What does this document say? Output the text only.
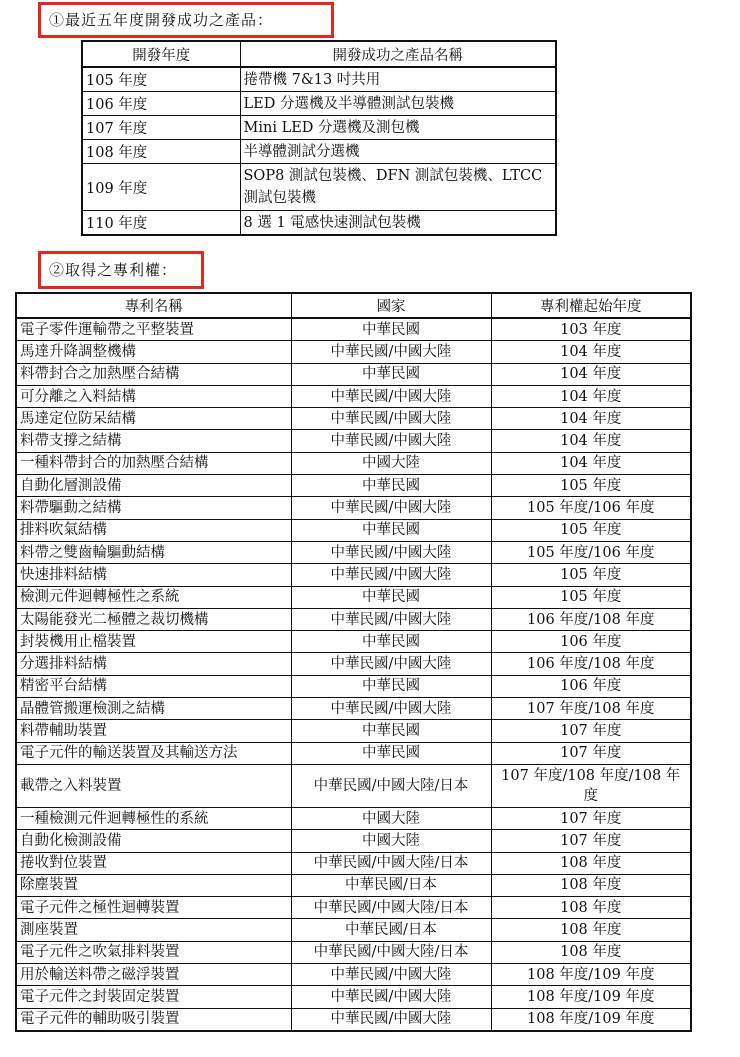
①最近五年度開發成功之產品：
開發年度	開發成功之產品名稱
105 年度	捲帶機 7&13 吋共用
106 年度	LED 分選機及半導體測試包裝機
107 年度	Mini LED 分選機及測包機
108 年度	半導體測試分選機
109 年度	SOP8 測試包裝機、DFN 測試包裝機、LTCC 測試包裝機
110 年度	8 選 1 電感快速測試包裝機
②取得之專利權：
專利名稱	國家	專利權起始年度
電子零件運輸帶之平整裝置	中華民國	103 年度
馬達升降調整機構	中華民國/中國大陸	104 年度
料帶封合之加熱壓合結構	中華民國	104 年度
可分離之入料結構	中華民國/中國大陸	104 年度
馬達定位防呆結構	中華民國/中國大陸	104 年度
料帶支撐之結構	中華民國/中國大陸	104 年度
一種料帶封合的加熱壓合結構	中國大陸	104 年度
自動化層測設備	中華民國	105 年度
料帶驅動之結構	中華民國/中國大陸	105 年度/106 年度
排料吹氣結構	中華民國	105 年度
料帶之雙齒輪驅動結構	中華民國/中國大陸	105 年度/106 年度
快速排料結構	中華民國/中國大陸	105 年度
檢測元件迴轉極性之系統	中華民國	105 年度
太陽能發光二極體之裁切機構	中華民國/中國大陸	106 年度/108 年度
封裝機用止檔裝置	中華民國	106 年度
分選排料結構	中華民國/中國大陸	106 年度/108 年度
精密平台結構	中華民國	106 年度
晶體管搬運檢測之結構	中華民國/中國大陸	107 年度/108 年度
料帶輔助裝置	中華民國	107 年度
電子元件的輸送裝置及其輸送方法	中華民國	107 年度
載帶之入料裝置	中華民國/中國大陸/日本	107 年度/108 年度/108 年度
一種檢測元件迴轉極性的系統	中國大陸	107 年度
自動化檢測設備	中國大陸	107 年度
捲收對位裝置	中華民國/中國大陸/日本	108 年度
除塵裝置	中華民國/日本	108 年度
電子元件之極性迴轉裝置	中華民國/中國大陸/日本	108 年度
測座裝置	中華民國/日本	108 年度
電子元件之吹氣排料裝置	中華民國/中國大陸/日本	108 年度
用於輸送料帶之磁浮裝置	中華民國/中國大陸	108 年度/109 年度
電子元件之封裝固定裝置	中華民國/中國大陸	108 年度/109 年度
電子元件的輔助吸引裝置	中華民國/中國大陸	108 年度/109 年度
